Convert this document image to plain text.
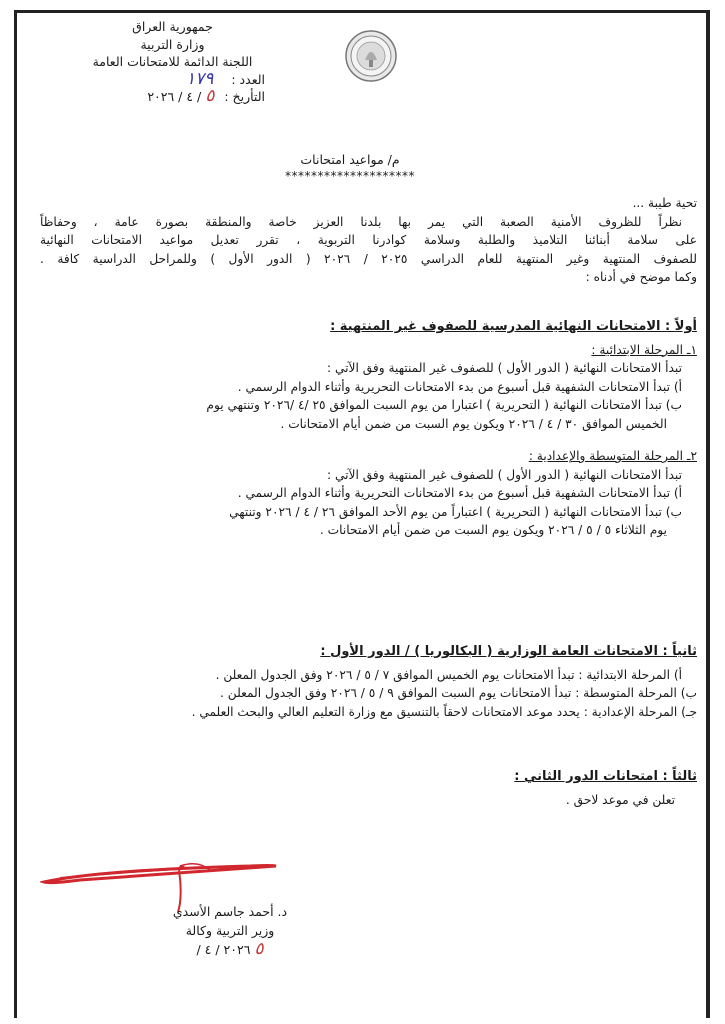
جمهورية العراق
وزارة التربية
اللجنة الدائمة للامتحانات العامة
العدد : ١٧٩
التأريخ : ٥ / ٤ / ٢٠٢٦
م/ مواعيد امتحانات
********************
تحية طيبة ...
نظراً للظروف الأمنية الصعبة التي يمر بها بلدنا العزيز خاصة والمنطقة بصورة عامة ، وحفاظاً
على سلامة أبنائنا التلاميذ والطلبة وسلامة كوادرنا التربوية ، تقرر تعديل مواعيد الامتحانات النهائية
للصفوف المنتهية وغير المنتهية للعام الدراسي ٢٠٢٥ / ٢٠٢٦ ( الدور الأول ) وللمراحل الدراسية كافة .
وكما موضح في أدناه :
أولاً : الامتحانات النهائية المدرسية للصفوف غير المنتهية :
١ـ المرحلة الابتدائية :
تبدأ الامتحانات النهائية ( الدور الأول ) للصفوف غير المنتهية وفق الآتي :
أ) تبدأ الامتحانات الشفهية قبل أسبوع من بدء الامتحانات التحريرية وأثناء الدوام الرسمي .
ب) تبدأ الامتحانات النهائية ( التحريرية ) اعتبارا من يوم السبت الموافق ٢٥ /٤ /٢٠٢٦ وتنتهي يوم
الخميس الموافق ٣٠ / ٤ / ٢٠٢٦ ويكون يوم السبت من ضمن أيام الامتحانات .
٢ـ المرحلة المتوسطة والإعدادية :
تبدأ الامتحانات النهائية ( الدور الأول ) للصفوف غير المنتهية وفق الآتي :
أ) تبدأ الامتحانات الشفهية قبل أسبوع من بدء الامتحانات التحريرية وأثناء الدوام الرسمي .
ب) تبدأ الامتحانات النهائية ( التحريرية ) اعتباراً من يوم الأحد الموافق ٢٦ / ٤ / ٢٠٢٦ وتنتهي
يوم الثلاثاء ٥ / ٥ / ٢٠٢٦ ويكون يوم السبت من ضمن أيام الامتحانات .
ثانياً : الامتحانات العامة الوزارية ( البكالوريا ) / الدور الأول :
أ) المرحلة الابتدائية : تبدأ الامتحانات يوم الخميس الموافق ٧ / ٥ / ٢٠٢٦ وفق الجدول المعلن .
ب) المرحلة المتوسطة : تبدأ الامتحانات يوم السبت الموافق ٩ / ٥ / ٢٠٢٦ وفق الجدول المعلن .
جـ) المرحلة الإعدادية : يحدد موعد الامتحانات لاحقاً بالتنسيق مع وزارة التعليم العالي والبحث العلمي .
ثالثاً : امتحانات الدور الثاني :
تعلن في موعد لاحق .
د. أحمد جاسم الأسدي
وزير التربية وكالة
٥ ٢٠٢٦ / ٤ /
